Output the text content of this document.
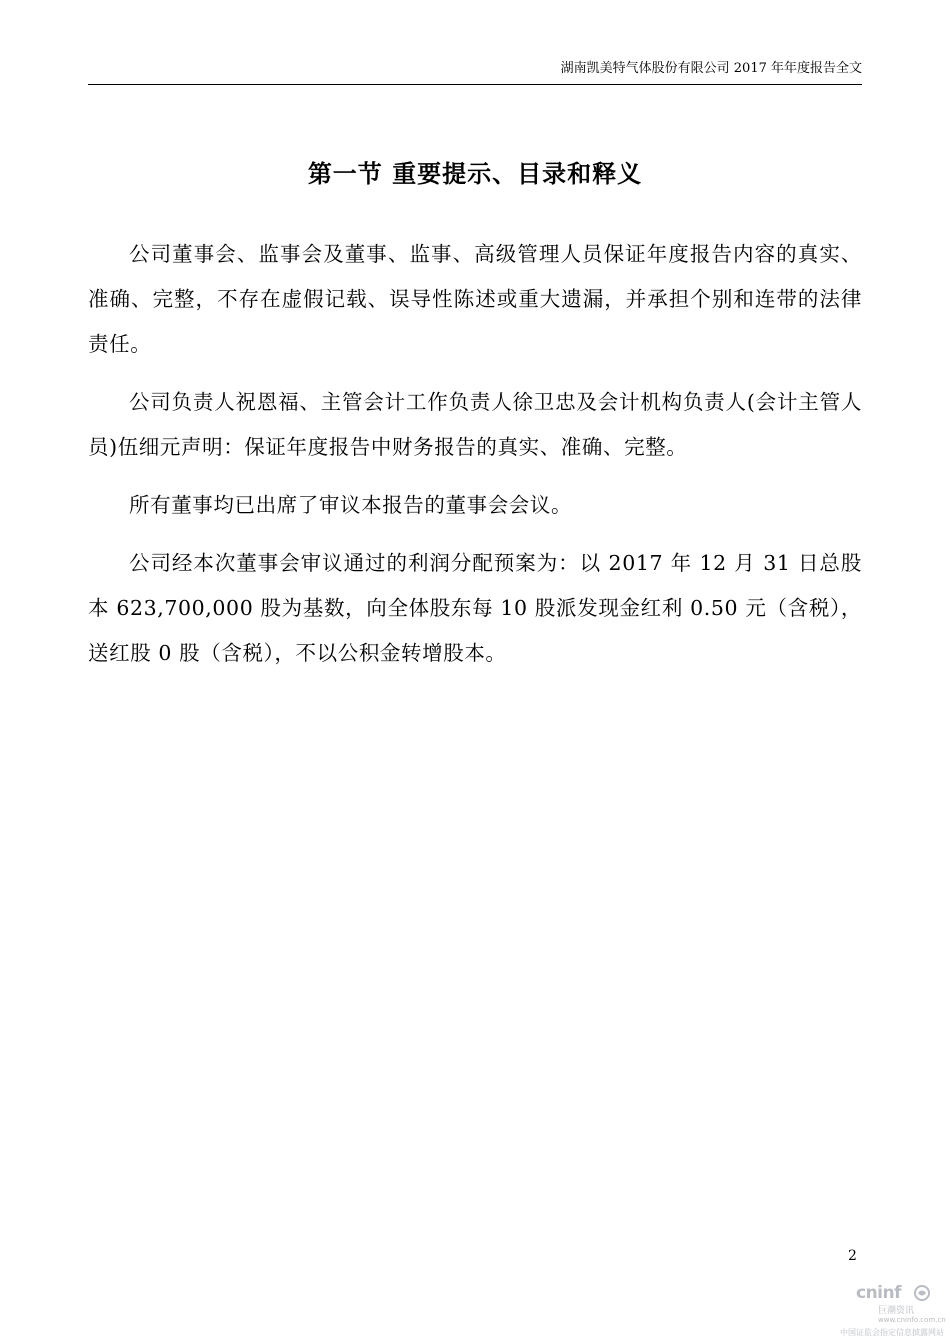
湖南凯美特气体股份有限公司 2017 年年度报告全文
第一节 重要提示、目录和释义

公司董事会、监事会及董事、监事、高级管理人员保证年度报告内容的真实、准确、完整，不存在虚假记载、误导性陈述或重大遗漏，并承担个别和连带的法律责任。

公司负责人祝恩福、主管会计工作负责人徐卫忠及会计机构负责人(会计主管人员)伍细元声明：保证年度报告中财务报告的真实、准确、完整。

所有董事均已出席了审议本报告的董事会会议。

公司经本次董事会审议通过的利润分配预案为：以 2017 年 12 月 31 日总股本 623,700,000 股为基数，向全体股东每 10 股派发现金红利 0.50 元（含税），送红股 0 股（含税），不以公积金转增股本。

2
cninf
巨潮资讯
www.cninfo.com.cn
中国证监会指定信息披露网站
